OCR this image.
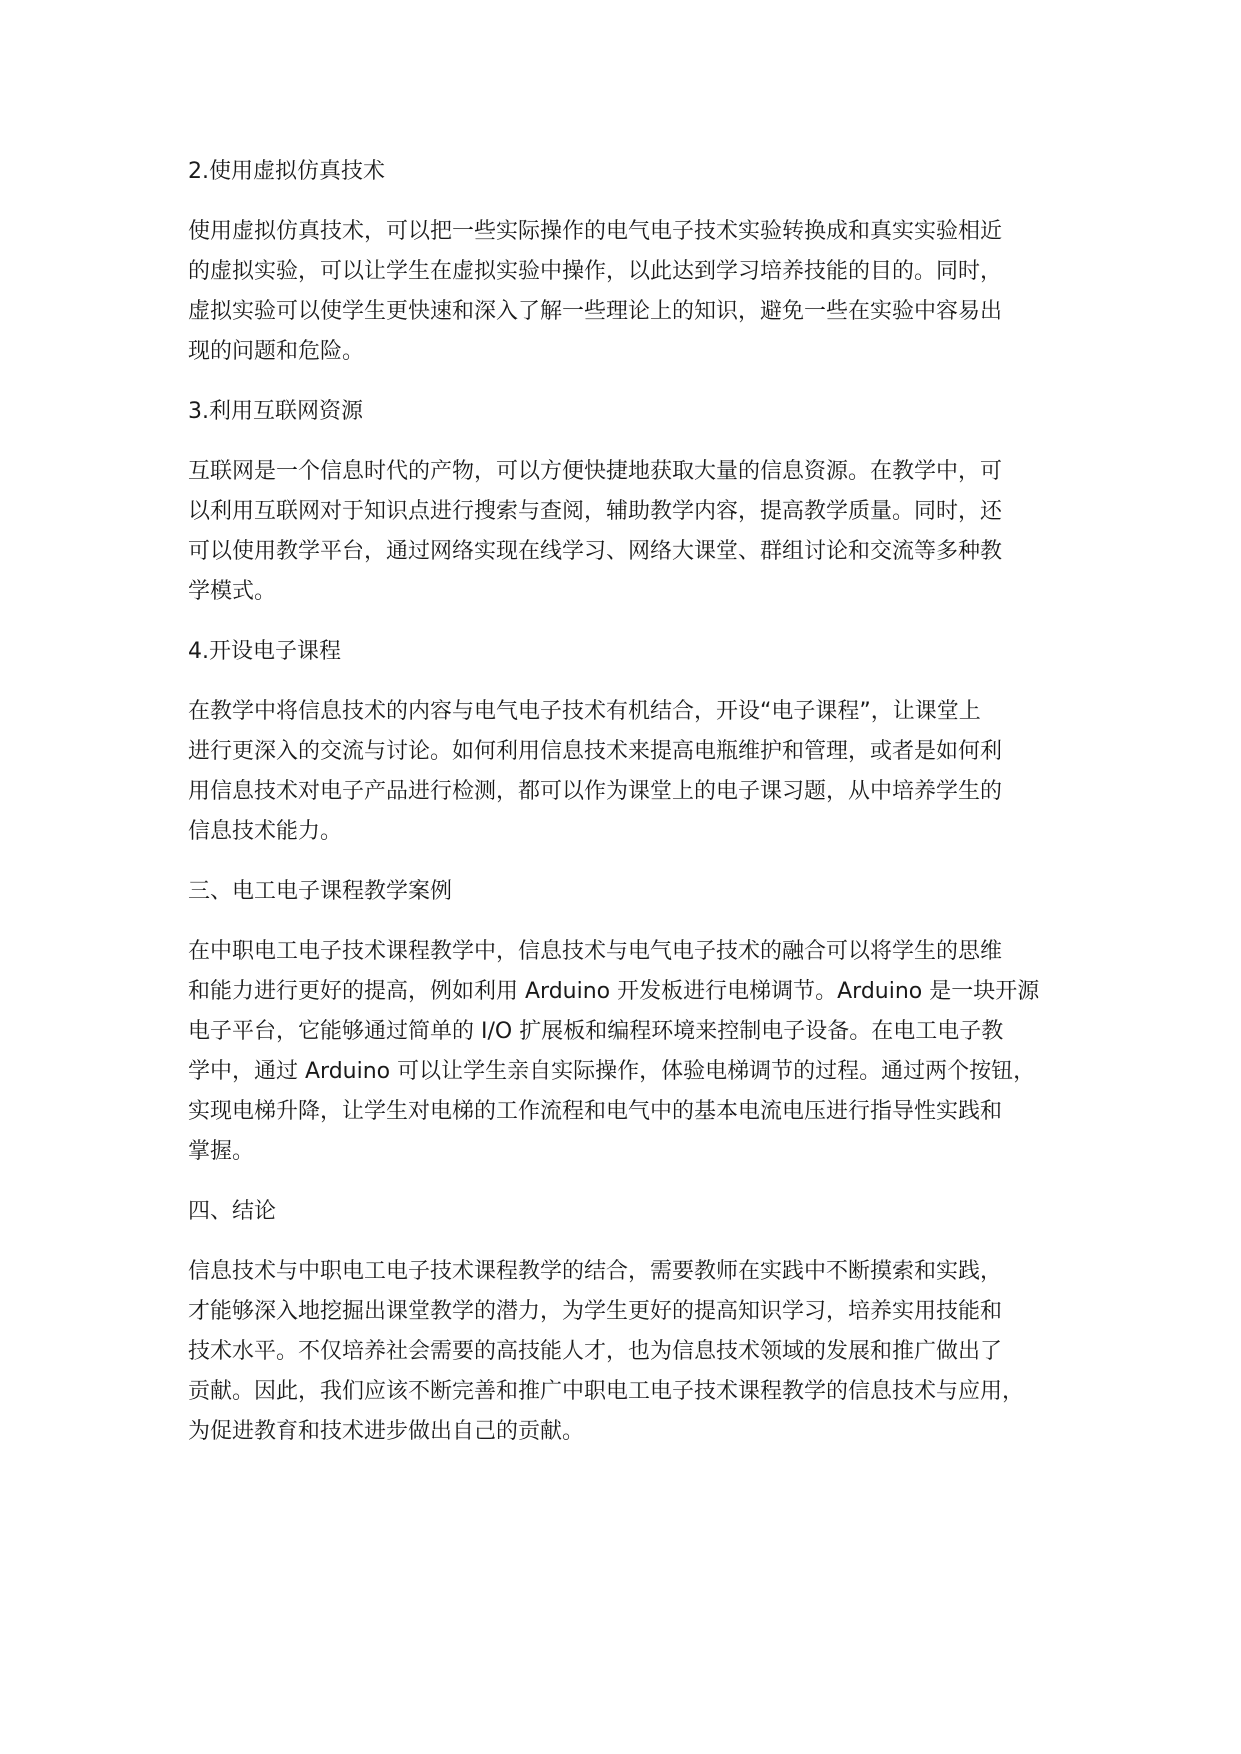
2.使用虚拟仿真技术

使用虚拟仿真技术，可以把一些实际操作的电气电子技术实验转换成和真实实验相近
的虚拟实验，可以让学生在虚拟实验中操作，以此达到学习培养技能的目的。同时，
虚拟实验可以使学生更快速和深入了解一些理论上的知识，避免一些在实验中容易出
现的问题和危险。

3.利用互联网资源

互联网是一个信息时代的产物，可以方便快捷地获取大量的信息资源。在教学中，可
以利用互联网对于知识点进行搜索与查阅，辅助教学内容，提高教学质量。同时，还
可以使用教学平台，通过网络实现在线学习、网络大课堂、群组讨论和交流等多种教
学模式。

4.开设电子课程

在教学中将信息技术的内容与电气电子技术有机结合，开设“电子课程”，让课堂上
进行更深入的交流与讨论。如何利用信息技术来提高电瓶维护和管理，或者是如何利
用信息技术对电子产品进行检测，都可以作为课堂上的电子课习题，从中培养学生的
信息技术能力。

三、电工电子课程教学案例

在中职电工电子技术课程教学中，信息技术与电气电子技术的融合可以将学生的思维
和能力进行更好的提高，例如利用 Arduino 开发板进行电梯调节。Arduino 是一块开源
电子平台，它能够通过简单的 I/O 扩展板和编程环境来控制电子设备。在电工电子教
学中，通过 Arduino 可以让学生亲自实际操作，体验电梯调节的过程。通过两个按钮，
实现电梯升降，让学生对电梯的工作流程和电气中的基本电流电压进行指导性实践和
掌握。

四、结论

信息技术与中职电工电子技术课程教学的结合，需要教师在实践中不断摸索和实践，
才能够深入地挖掘出课堂教学的潜力，为学生更好的提高知识学习，培养实用技能和
技术水平。不仅培养社会需要的高技能人才，也为信息技术领域的发展和推广做出了
贡献。因此，我们应该不断完善和推广中职电工电子技术课程教学的信息技术与应用，
为促进教育和技术进步做出自己的贡献。
